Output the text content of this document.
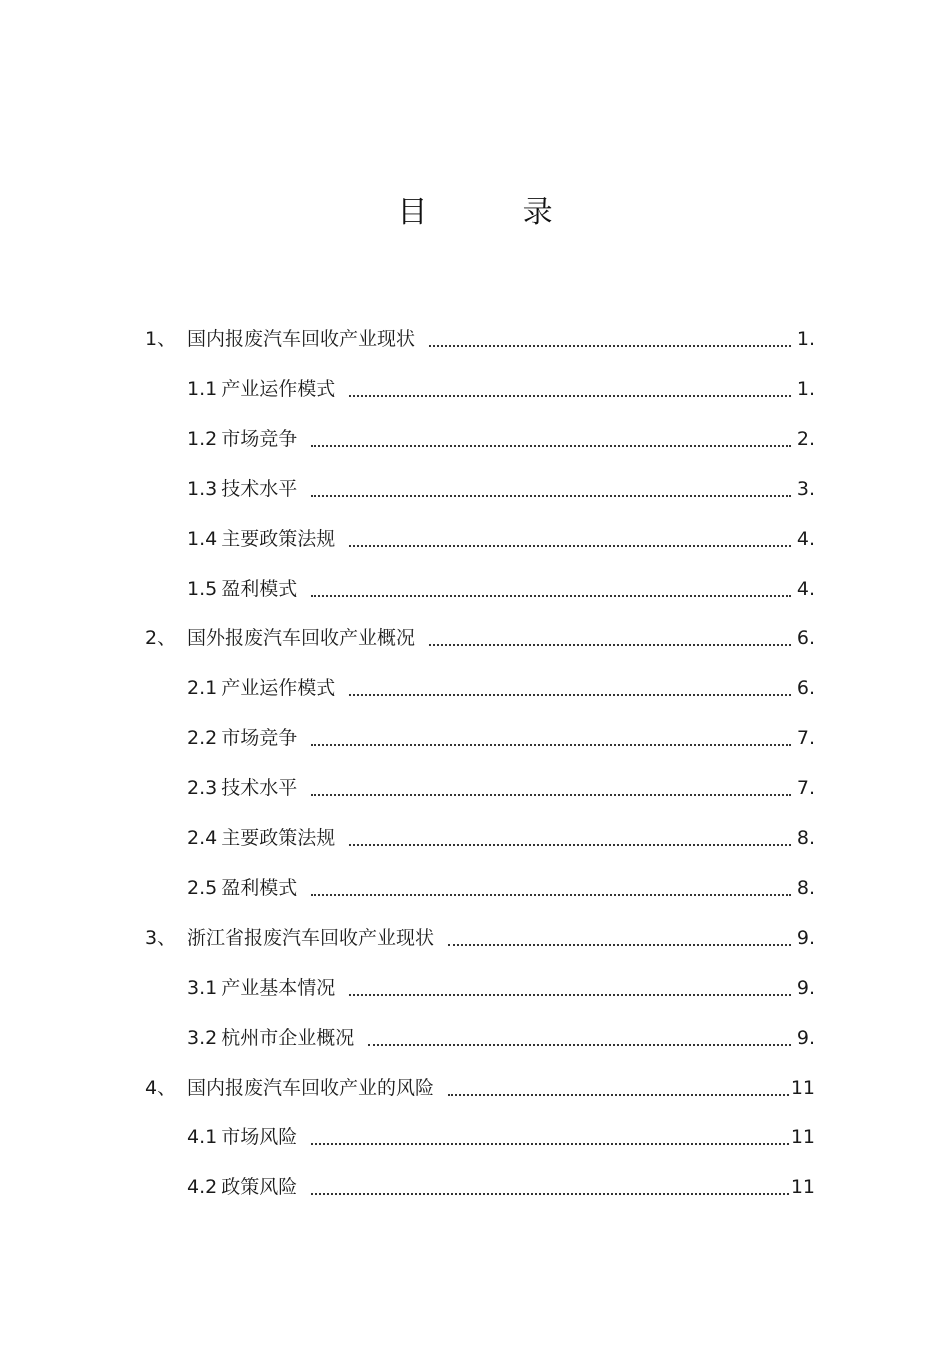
目          录
1、 国内报废汽车回收产业现状	1.
1.1 产业运作模式	1.
1.2 市场竞争	2.
1.3 技术水平	3.
1.4 主要政策法规	4.
1.5 盈利模式	4.
2、 国外报废汽车回收产业概况	6.
2.1 产业运作模式	6.
2.2 市场竞争	7.
2.3 技术水平	7.
2.4 主要政策法规	8.
2.5 盈利模式	8.
3、 浙江省报废汽车回收产业现状	9.
3.1 产业基本情况	9.
3.2 杭州市企业概况	9.
4、 国内报废汽车回收产业的风险	11
4.1 市场风险	11
4.2 政策风险	11
